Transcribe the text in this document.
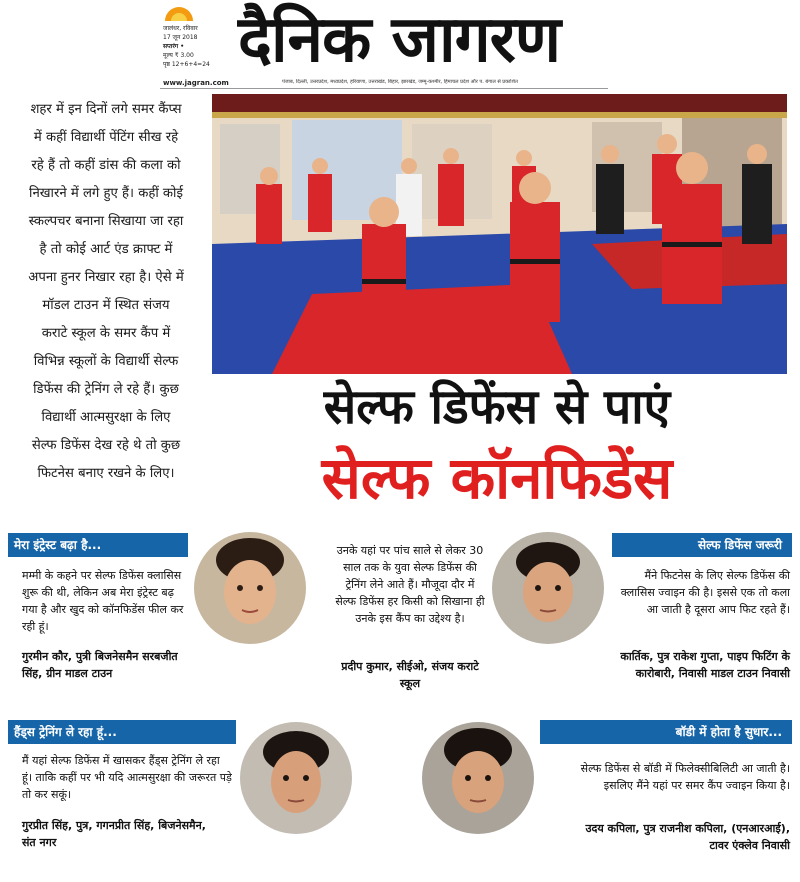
जालंधर, रविवार
17 जून 2018
सप्तरंग •
मूल्य ₹ 3.00
पृष्ठ 12+6+4=24 दैनिक जागरण
www.jagran.com	पंजाब, दिल्ली, उत्तरप्रदेश, मध्यप्रदेश, हरियाणा, उत्तराखंड, बिहार, झारखंड, जम्मू-कश्मीर, हिमाचल प्रदेश और प. बंगाल से प्रकाशित
शहर में इन दिनों लगे समर कैंप्स में कहीं विद्यार्थी पेंटिंग सीख रहे रहे हैं तो कहीं डांस की कला को निखारने में लगे हुए हैं। कहीं कोई स्कल्पचर बनाना सिखाया जा रहा है तो कोई आर्ट एंड क्राफ्ट में अपना हुनर निखार रहा है। ऐसे में मॉडल टाउन में स्थित संजय कराटे स्कूल के समर कैंप में विभिन्न स्कूलों के विद्यार्थी सेल्फ डिफेंस की ट्रेनिंग ले रहे हैं। कुछ विद्यार्थी आत्मसुरक्षा के लिए सेल्फ डिफेंस देख रहे थे तो कुछ फिटनेस बनाए रखने के लिए।
सेल्फ डिफेंस से पाएं
सेल्फ कॉनफिडेंस
मेरा इंट्रेस्ट बढ़ा है...
मम्मी के कहने पर सेल्फ डिफेंस क्लासिस शुरू की थी, लेकिन अब मेरा इंट्रेस्ट बढ़ गया है और खुद को कॉनफिडेंस फील कर रही हूं।
गुरमीन कौर, पुत्री बिजनेसमैन सरबजीत सिंह, ग्रीन माडल टाउन
उनके यहां पर पांच साले से लेकर 30 साल तक के युवा सेल्फ डिफेंस की ट्रेनिंग लेने आते हैं। मौजूदा दौर में सेल्फ डिफेंस हर किसी को सिखाना ही उनके इस कैंप का उद्देश्य है।
प्रदीप कुमार, सीईओ, संजय कराटे स्कूल
सेल्फ डिफेंस जरूरी
मैंने फिटनेस के लिए सेल्फ डिफेंस की क्लासिस ज्वाइन की है। इससे एक तो कला आ जाती है दूसरा आप फिट रहते हैं।
कार्तिक, पुत्र राकेश गुप्ता, पाइप फिटिंग के कारोबारी, निवासी माडल टाउन निवासी
हैंड्स ट्रेनिंग ले रहा हूं...
मैं यहां सेल्फ डिफेंस में खासकर हैंड्स ट्रेनिंग ले रहा हूं। ताकि कहीं पर भी यदि आत्मसुरक्षा की जरूरत पड़े तो कर सकूं।
गुरप्रीत सिंह, पुत्र, गगनप्रीत सिंह, बिजनेसमैन, संत नगर
बॉडी में होता है सुधार...
सेल्फ डिफेंस से बॉडी में फिलेक्सीबिलिटी आ जाती है। इसलिए मैंने यहां पर समर कैंप ज्वाइन किया है।
उदय कपिला, पुत्र राजनीश कपिला, (एनआरआई), टावर एंक्लेव निवासी
